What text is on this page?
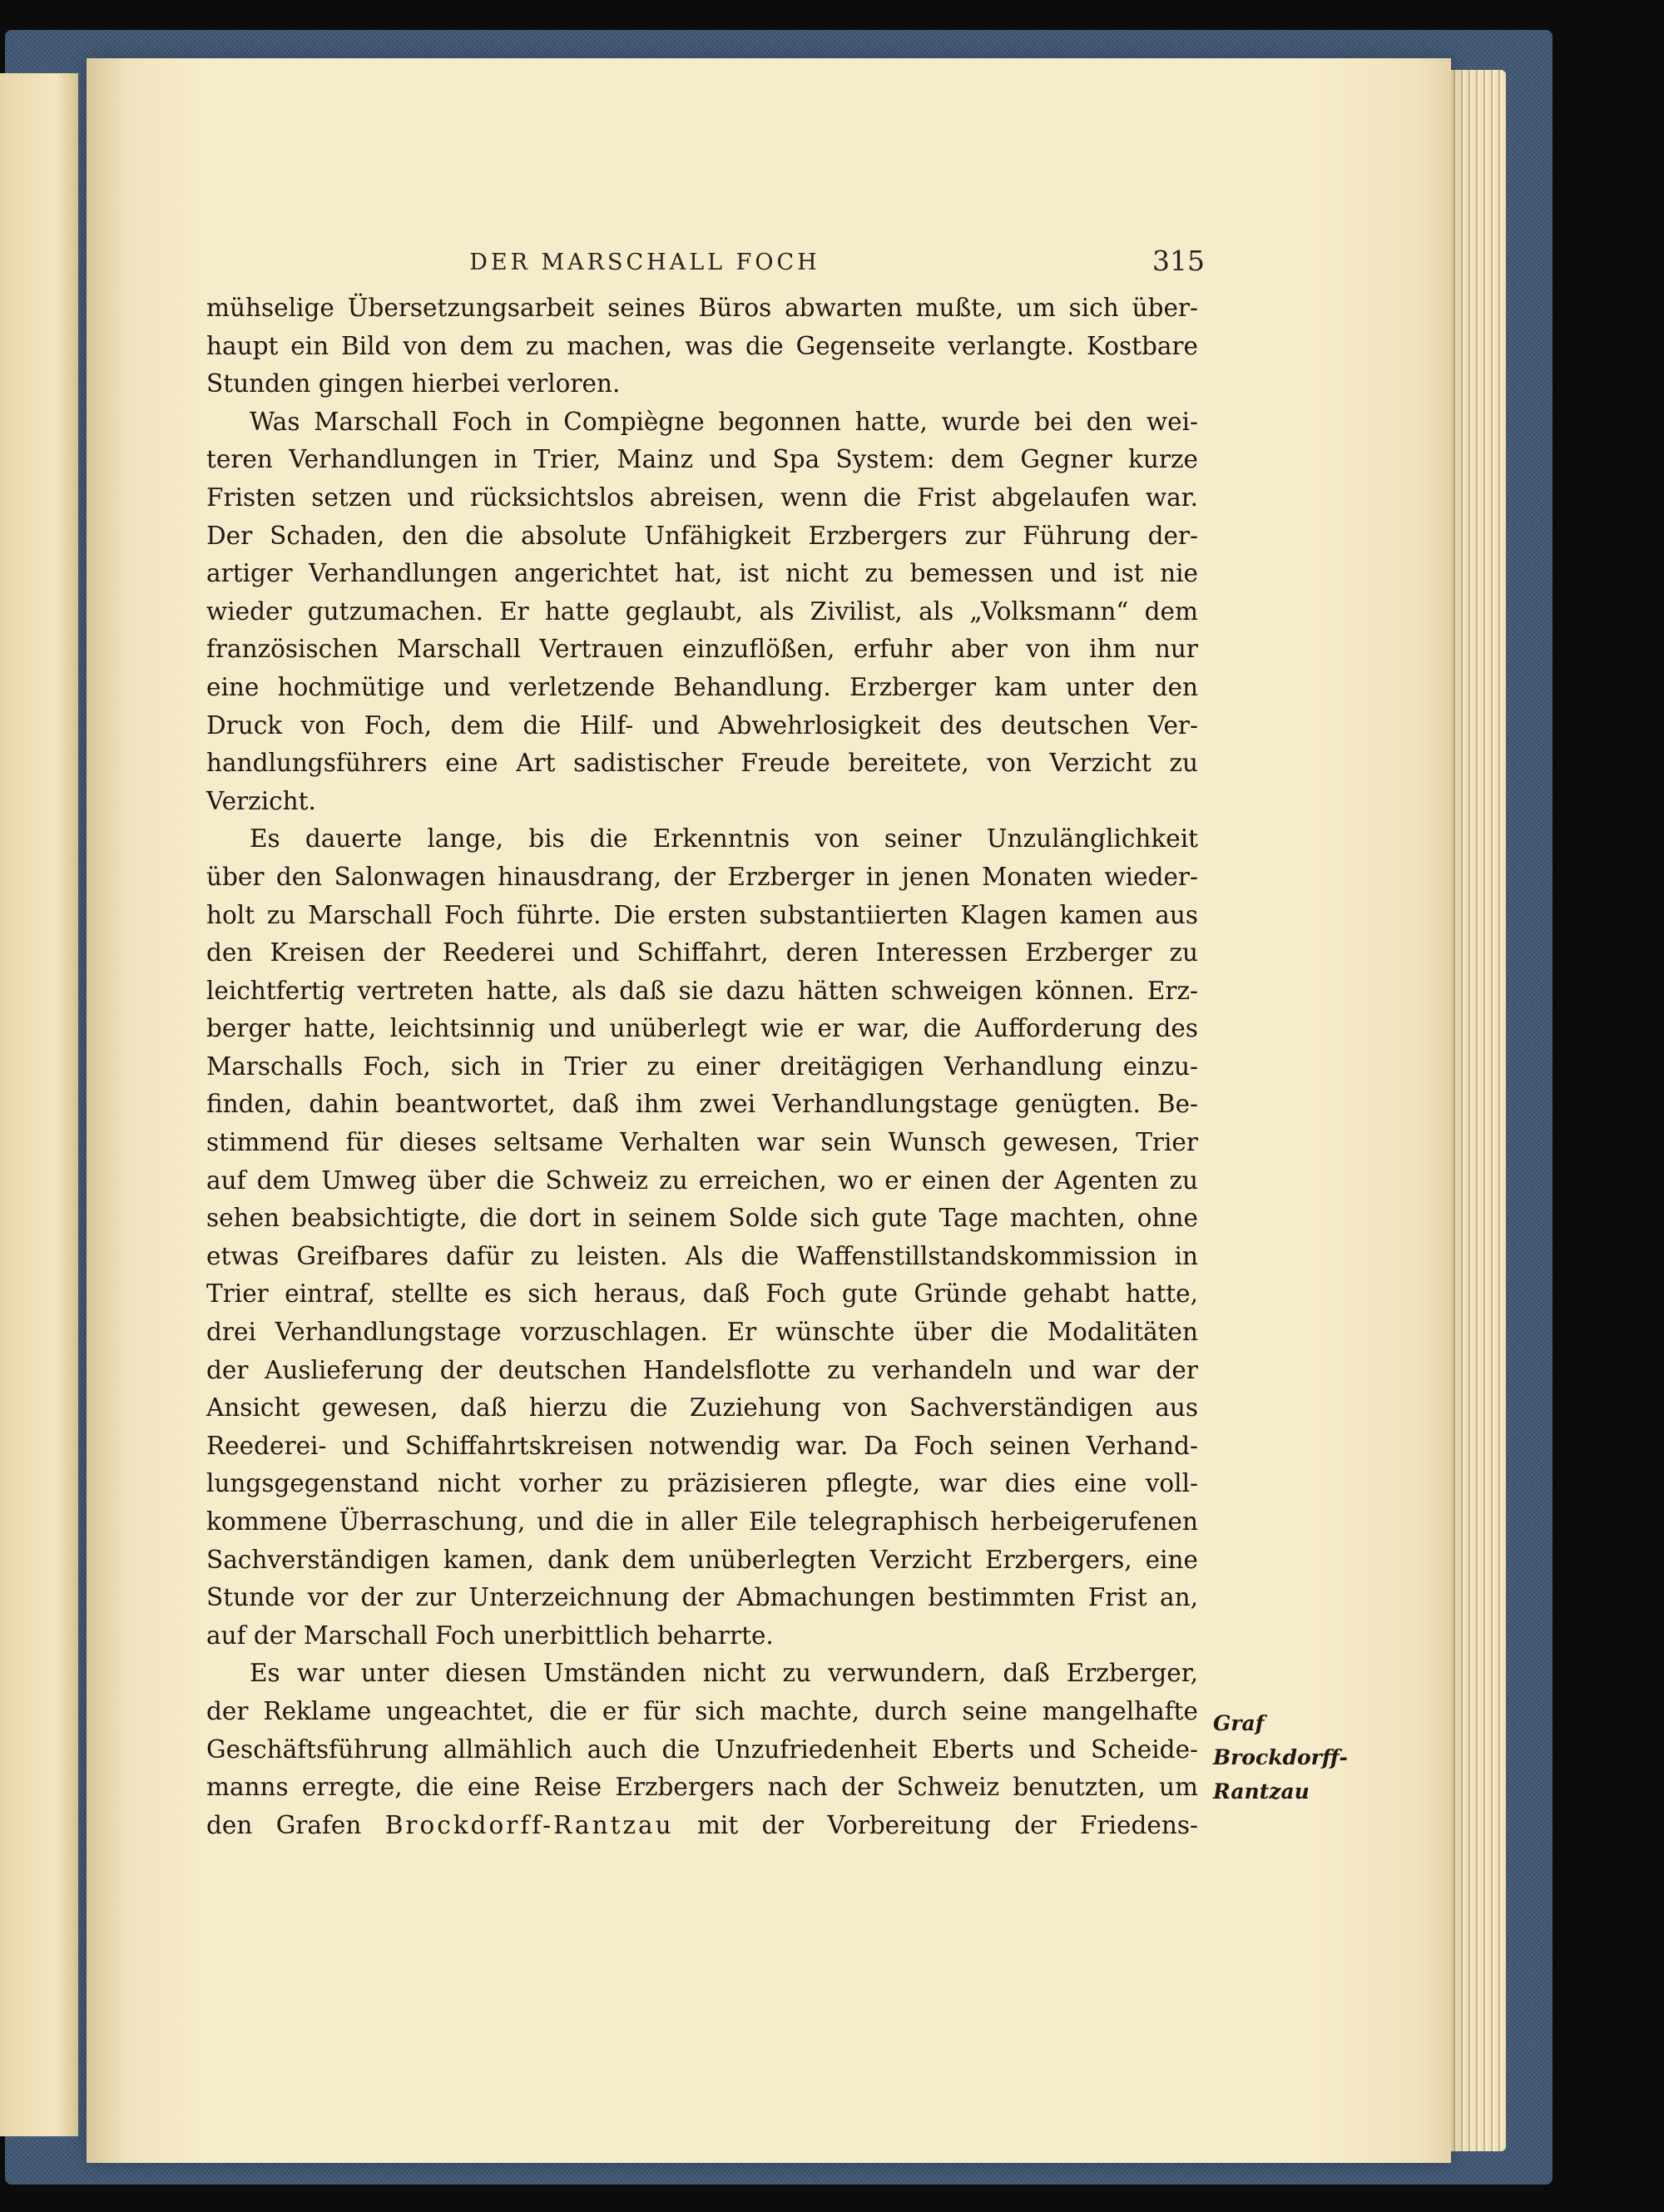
DER MARSCHALL FOCH	315
mühselige Übersetzungsarbeit seines Büros abwarten mußte, um sich über-
haupt ein Bild von dem zu machen, was die Gegenseite verlangte. Kostbare
Stunden gingen hierbei verloren.
Was Marschall Foch in Compiègne begonnen hatte, wurde bei den wei-
teren Verhandlungen in Trier, Mainz und Spa System: dem Gegner kurze
Fristen setzen und rücksichtslos abreisen, wenn die Frist abgelaufen war.
Der Schaden, den die absolute Unfähigkeit Erzbergers zur Führung der-
artiger Verhandlungen angerichtet hat, ist nicht zu bemessen und ist nie
wieder gutzumachen. Er hatte geglaubt, als Zivilist, als „Volksmann“ dem
französischen Marschall Vertrauen einzuflößen, erfuhr aber von ihm nur
eine hochmütige und verletzende Behandlung. Erzberger kam unter den
Druck von Foch, dem die Hilf- und Abwehrlosigkeit des deutschen Ver-
handlungsführers eine Art sadistischer Freude bereitete, von Verzicht zu
Verzicht.
Es dauerte lange, bis die Erkenntnis von seiner Unzulänglichkeit
über den Salonwagen hinausdrang, der Erzberger in jenen Monaten wieder-
holt zu Marschall Foch führte. Die ersten substantiierten Klagen kamen aus
den Kreisen der Reederei und Schiffahrt, deren Interessen Erzberger zu
leichtfertig vertreten hatte, als daß sie dazu hätten schweigen können. Erz-
berger hatte, leichtsinnig und unüberlegt wie er war, die Aufforderung des
Marschalls Foch, sich in Trier zu einer dreitägigen Verhandlung einzu-
finden, dahin beantwortet, daß ihm zwei Verhandlungstage genügten. Be-
stimmend für dieses seltsame Verhalten war sein Wunsch gewesen, Trier
auf dem Umweg über die Schweiz zu erreichen, wo er einen der Agenten zu
sehen beabsichtigte, die dort in seinem Solde sich gute Tage machten, ohne
etwas Greifbares dafür zu leisten. Als die Waffenstillstandskommission in
Trier eintraf, stellte es sich heraus, daß Foch gute Gründe gehabt hatte,
drei Verhandlungstage vorzuschlagen. Er wünschte über die Modalitäten
der Auslieferung der deutschen Handelsflotte zu verhandeln und war der
Ansicht gewesen, daß hierzu die Zuziehung von Sachverständigen aus
Reederei- und Schiffahrtskreisen notwendig war. Da Foch seinen Verhand-
lungsgegenstand nicht vorher zu präzisieren pflegte, war dies eine voll-
kommene Überraschung, und die in aller Eile telegraphisch herbeigerufenen
Sachverständigen kamen, dank dem unüberlegten Verzicht Erzbergers, eine
Stunde vor der zur Unterzeichnung der Abmachungen bestimmten Frist an,
auf der Marschall Foch unerbittlich beharrte.
Es war unter diesen Umständen nicht zu verwundern, daß Erzberger,
der Reklame ungeachtet, die er für sich machte, durch seine mangelhafte
Geschäftsführung allmählich auch die Unzufriedenheit Eberts und Scheide-
manns erregte, die eine Reise Erzbergers nach der Schweiz benutzten, um
den Grafen Brockdorff-Rantzau mit der Vorbereitung der Friedens-
Graf
Brockdorff-
Rantzau
